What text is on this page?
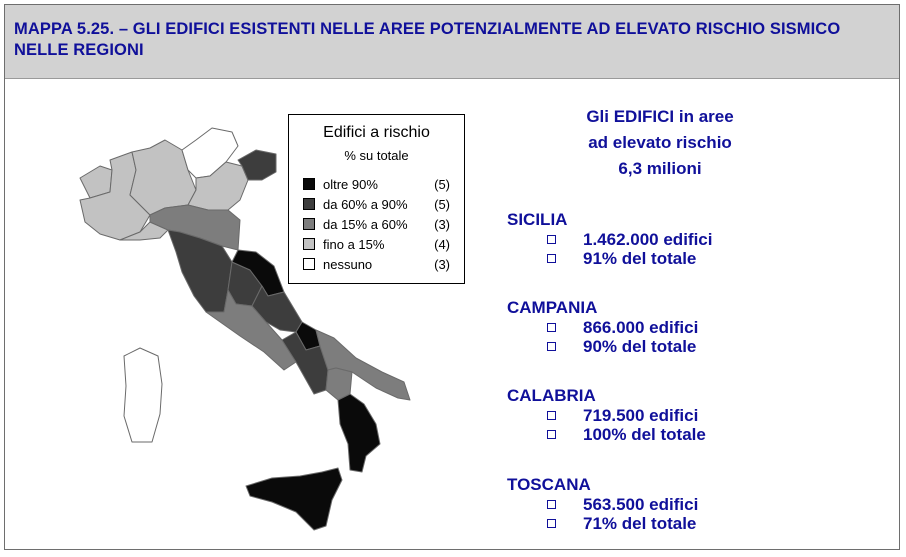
MAPPA 5.25. – GLI EDIFICI ESISTENTI NELLE AREE POTENZIALMENTE AD ELEVATO RISCHIO SISMICO NELLE REGIONI
Edifici a rischio
% su totale
oltre 90%	(5)
da 60% a 90% (5)
da 15% a 60% (3)
fino a 15%	(4)
nessuno	(3)
Gli EDIFICI in aree
ad elevato rischio
6,3 milioni
SICILIA
1.462.000 edifici
91% del totale
CAMPANIA
866.000 edifici
90% del totale
CALABRIA
719.500 edifici
100% del totale
TOSCANA
563.500 edifici
71% del totale
